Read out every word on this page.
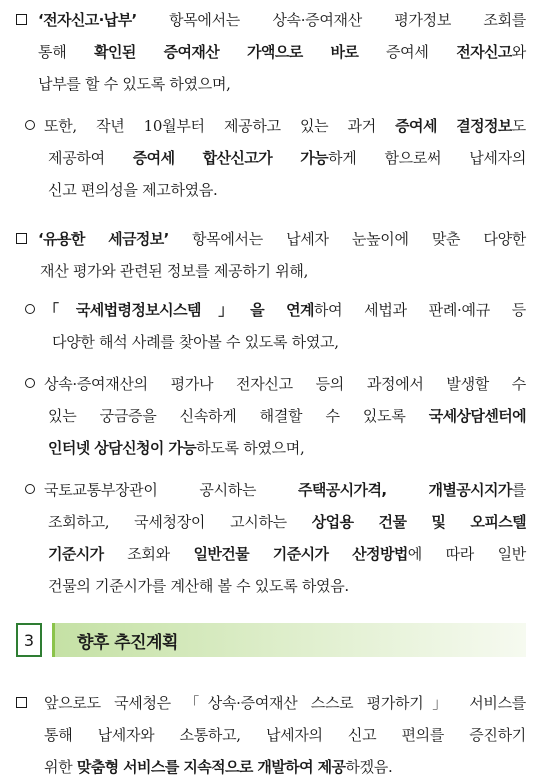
‘전자신고·납부’ 항목에서는 상속·증여재산 평가정보 조회를
통해 확인된 증여재산 가액으로 바로 증여세 전자신고와
납부를 할 수 있도록 하였으며,
또한, 작년 10월부터 제공하고 있는 과거 증여세 결정정보도
제공하여 증여세 합산신고가 가능하게 함으로써 납세자의
신고 편의성을 제고하였음.
‘유용한 세금정보’ 항목에서는 납세자 눈높이에 맞춘 다양한
재산 평가와 관련된 정보를 제공하기 위해,
「국세법령정보시스템」을 연계하여 세법과 판례·예규 등
다양한 해석 사례를 찾아볼 수 있도록 하였고,
상속·증여재산의 평가나 전자신고 등의 과정에서 발생할 수
있는 궁금증을 신속하게 해결할 수 있도록 국세상담센터에
인터넷 상담신청이 가능하도록 하였으며,
국토교통부장관이 공시하는 주택공시가격, 개별공시지가를
조회하고, 국세청장이 고시하는 상업용 건물 및 오피스텔
기준시가 조회와 일반건물 기준시가 산정방법에 따라 일반
건물의 기준시가를 계산해 볼 수 있도록 하였음.
3	향후 추진계획
앞으로도 국세청은 「상속·증여재산 스스로 평가하기」 서비스를
통해 납세자와 소통하고, 납세자의 신고 편의를 증진하기
위한 맞춤형 서비스를 지속적으로 개발하여 제공하겠음.
